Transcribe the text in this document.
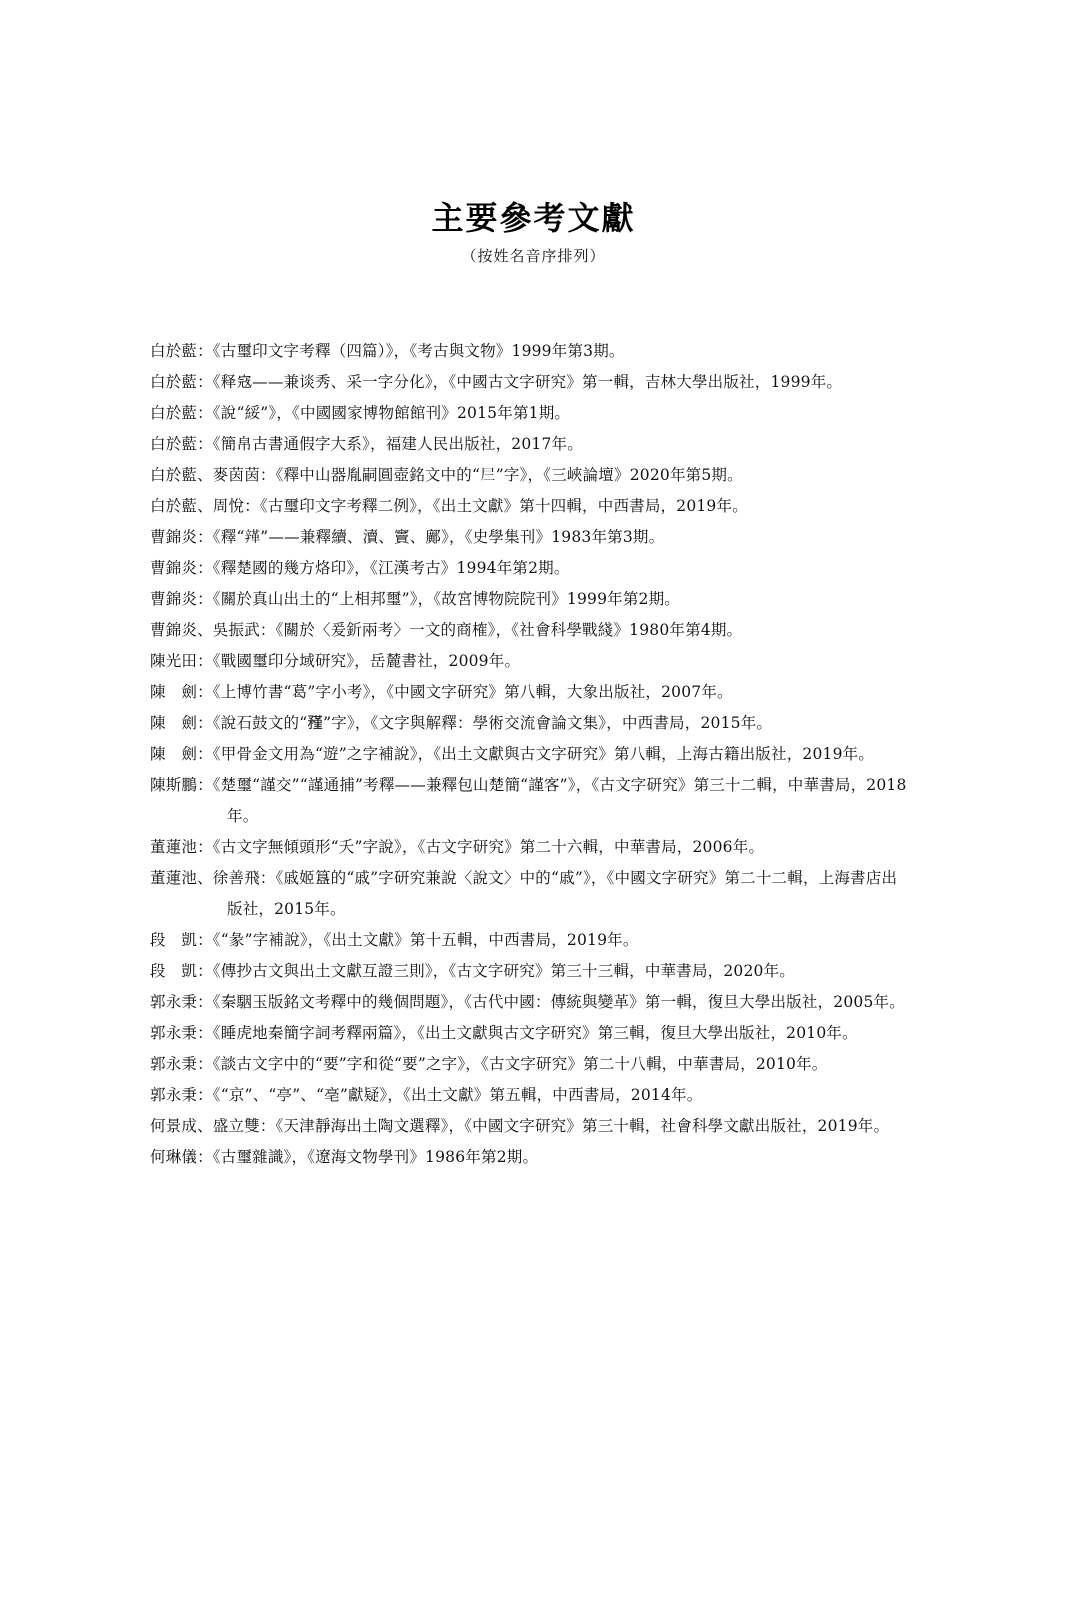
主要參考文獻
（按姓名音序排列）
白於藍：《古璽印文字考釋（四篇）》，《考古與文物》1999年第3期。
白於藍：《释𡨥——兼谈秀、采一字分化》，《中國古文字研究》第一輯，吉林大學出版社，1999年。
白於藍：《說“綏”》，《中國國家博物館館刊》2015年第1期。
白於藍：《簡帛古書通假字大系》，福建人民出版社，2017年。
白於藍、麥茵茵：《釋中山器胤嗣圓壺銘文中的“𡰥”字》，《三峽論壇》2020年第5期。
白於藍、周悅：《古璽印文字考釋二例》，《出土文獻》第十四輯，中西書局，2019年。
曹錦炎：《釋“𨐥”——兼釋續、瀆、竇、鄺》，《史學集刊》1983年第3期。
曹錦炎：《釋楚國的幾方烙印》，《江漢考古》1994年第2期。
曹錦炎：《關於真山出土的“上相邦璽”》，《故宮博物院院刊》1999年第2期。
曹錦炎、吳振武：《關於〈爰釿兩考〉一文的商榷》，《社會科學戰綫》1980年第4期。
陳光田：《戰國璽印分域研究》，岳麓書社，2009年。
陳　劍：《上博竹書“葛”字小考》，《中國文字研究》第八輯，大象出版社，2007年。
陳　劍：《說石鼓文的“𥎊”字》，《文字與解釋：學術交流會論文集》，中西書局，2015年。
陳　劍：《甲骨金文用為“遊”之字補說》，《出土文獻與古文字研究》第八輯，上海古籍出版社，2019年。
陳斯鵬：《楚璽“謹交”“謹通捕”考釋——兼釋包山楚簡“謹客”》，《古文字研究》第三十二輯，中華書局，2018年。
董蓮池：《古文字無傾頭形“夭”字說》，《古文字研究》第二十六輯，中華書局，2006年。
董蓮池、徐善飛：《戚姬簋的“戚”字研究兼說〈說文〉中的“戚”》，《中國文字研究》第二十二輯，上海書店出版社，2015年。
段　凱：《“彖”字補說》，《出土文獻》第十五輯，中西書局，2019年。
段　凱：《傳抄古文與出土文獻互證三則》，《古文字研究》第三十三輯，中華書局，2020年。
郭永秉：《秦駰玉版銘文考釋中的幾個問題》，《古代中國：傳統與變革》第一輯，復旦大學出版社，2005年。
郭永秉：《睡虎地秦簡字詞考釋兩篇》，《出土文獻與古文字研究》第三輯，復旦大學出版社，2010年。
郭永秉：《談古文字中的“要”字和從“要”之字》，《古文字研究》第二十八輯，中華書局，2010年。
郭永秉：《“京”、“亭”、“亳”獻疑》，《出土文獻》第五輯，中西書局，2014年。
何景成、盛立雙：《天津靜海出土陶文選釋》，《中國文字研究》第三十輯，社會科學文獻出版社，2019年。
何琳儀：《古璽雜識》，《遼海文物學刊》1986年第2期。
